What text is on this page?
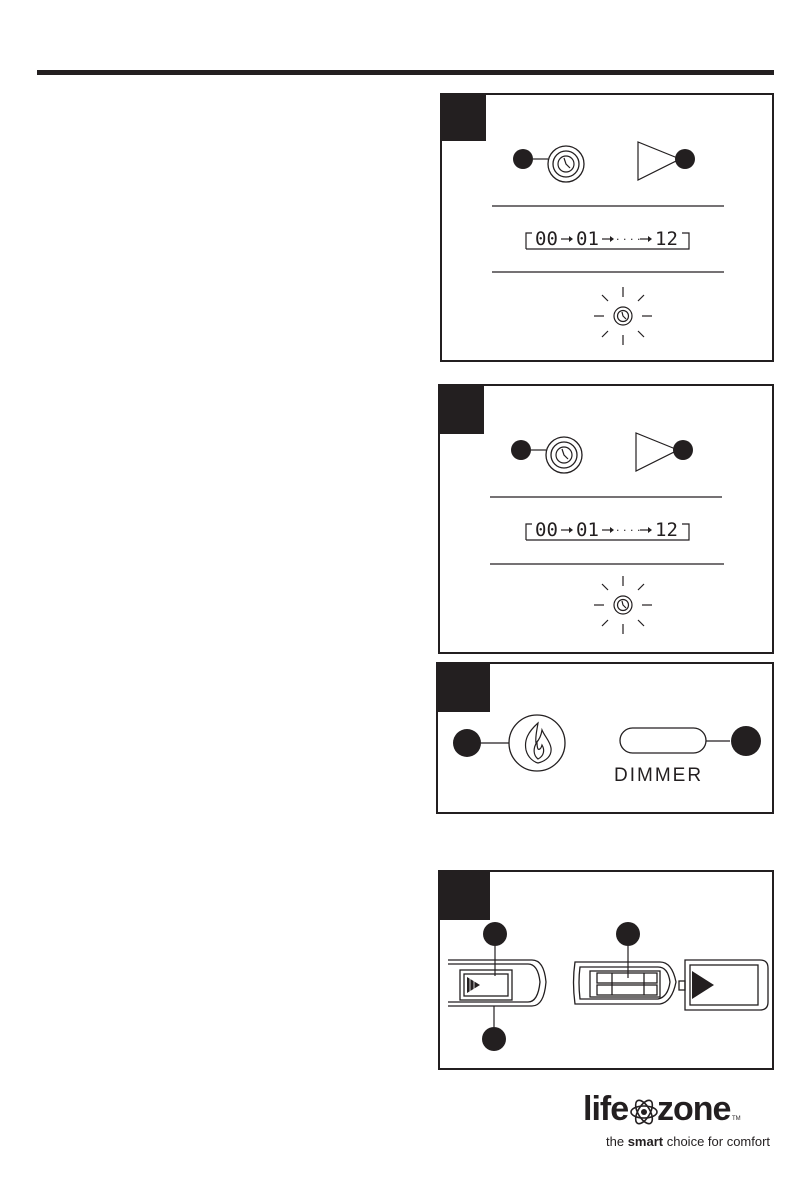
00 01 · · · · 12
00 01 · · · · 12
DIMMER
life zone TM
the smart choice for comfort
